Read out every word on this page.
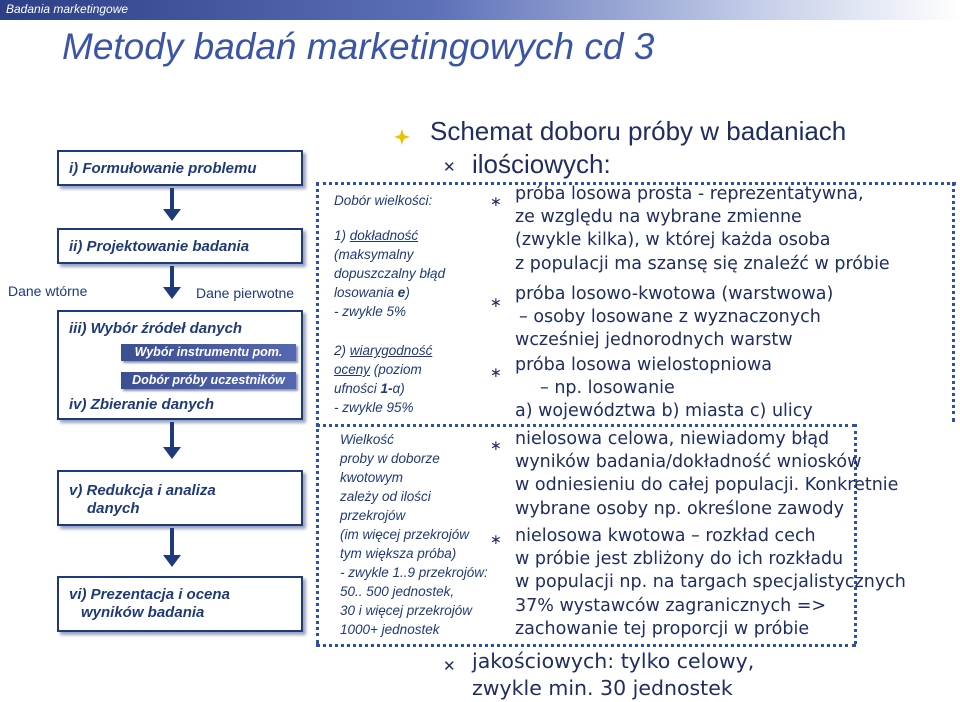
Badania marketingowe
Metody badań marketingowych cd 3
i) Formułowanie problemu
ii) Projektowanie badania
Dane wtórne	Dane pierwotne
iii) Wybór źródeł danych
iv) Zbieranie danych
Wybór instrumentu pom.
Dobór próby uczestników
v) Redukcja i analiza
danych
vi) Prezentacja i ocena
wyników badania
Dobór wielkości:
1) dokładność
(maksymalny
dopuszczalny błąd
losowania e)
- zwykle 5%
2) wiarygodność
oceny (poziom
ufności 1-α)
- zwykle 95%
Wielkość
proby w doborze
kwotowym
zależy od ilości
przekrojów
(im więcej przekrojów
tym większa próba)
- zwykle 1..9 przekrojów:
50.. 500 jednostek,
30 i więcej przekrojów
1000+ jednostek
Schemat doboru próby w badaniach
✕ ilościowych:
∗ próba losowa prosta - reprezentatywna,
ze względu na wybrane zmienne
(zwykle kilka), w której każda osoba
z populacji ma szansę się znaleźć w próbie
∗ próba losowo-kwotowa (warstwowa)
– osoby losowane z wyznaczonych
wcześniej jednorodnych warstw
∗ próba losowa wielostopniowa
– np. losowanie
a) województwa b) miasta c) ulicy
∗ nielosowa celowa, niewiadomy błąd
wyników badania/dokładność wniosków
w odniesieniu do całej populacji. Konkretnie
wybrane osoby np. określone zawody
∗ nielosowa kwotowa – rozkład cech
w próbie jest zbliżony do ich rozkładu
w populacji np. na targach specjalistycznych
37% wystawców zagranicznych =>
zachowanie tej proporcji w próbie
✕ jakościowych: tylko celowy,
zwykle min. 30 jednostek
